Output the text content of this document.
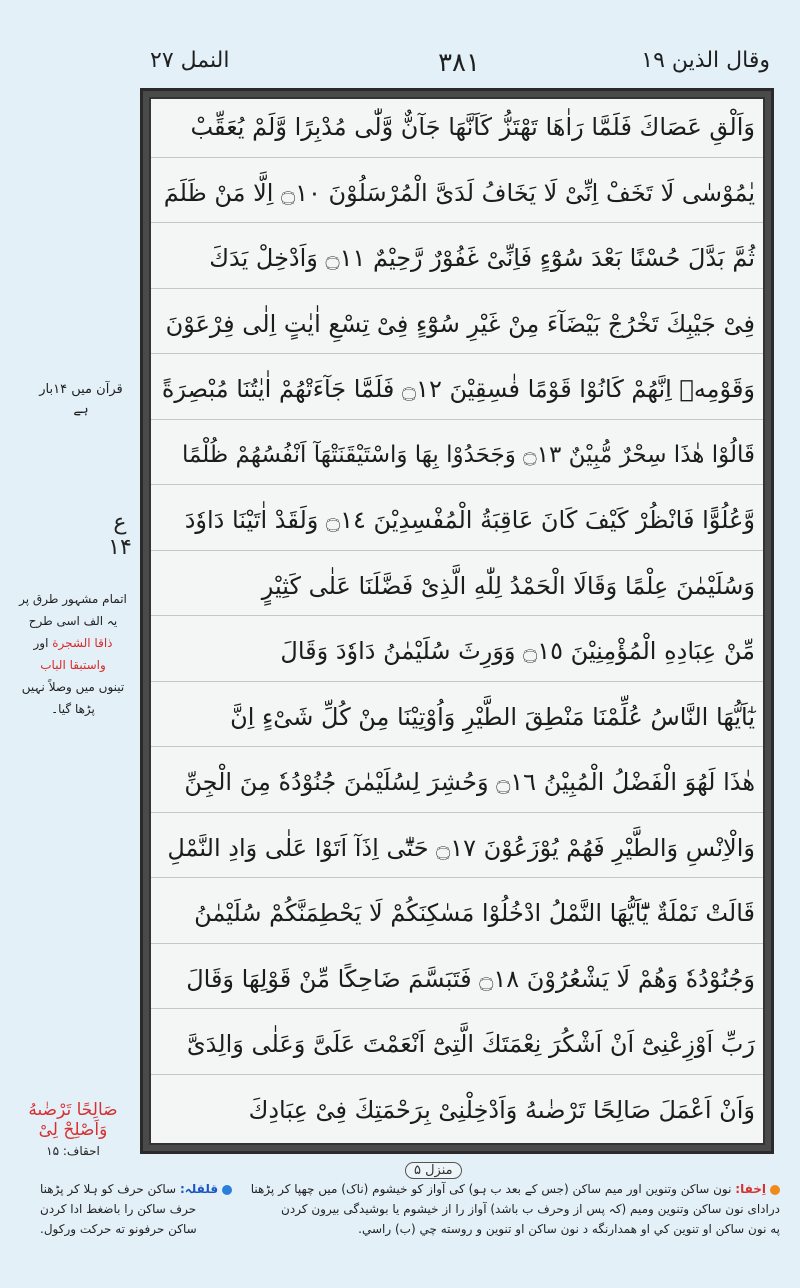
وقال الذين ١٩
۳۸۱
النمل ٢٧
وَاَلْقِ عَصَاكَ فَلَمَّا رَاٰهَا تَهْتَزُّ كَاَنَّهَا جَآنٌّ وَّلّٰى مُدْبِرًا وَّلَمْ يُعَقِّبْ
يٰمُوْسٰى لَا تَخَفْ اِنِّىْ لَا يَخَافُ لَدَىَّ الْمُرْسَلُوْنَ ۝١٠ اِلَّا مَنْ ظَلَمَ
ثُمَّ بَدَّلَ حُسْنًا بَعْدَ سُوْٓءٍ فَاِنِّىْ غَفُوْرٌ رَّحِيْمٌ ۝١١ وَاَدْخِلْ يَدَكَ
فِىْ جَيْبِكَ تَخْرُجْ بَيْضَآءَ مِنْ غَيْرِ سُوْٓءٍ فِىْ تِسْعِ اٰيٰتٍ اِلٰى فِرْعَوْنَ
وَقَوْمِهٖ اِنَّهُمْ كَانُوْا قَوْمًا فٰسِقِيْنَ ۝١٢ فَلَمَّا جَآءَتْهُمْ اٰيٰتُنَا مُبْصِرَةً
قَالُوْا هٰذَا سِحْرٌ مُّبِيْنٌ ۝١٣ وَجَحَدُوْا بِهَا وَاسْتَيْقَنَتْهَآ اَنْفُسُهُمْ ظُلْمًا
وَّعُلُوًّا فَانْظُرْ كَيْفَ كَانَ عَاقِبَةُ الْمُفْسِدِيْنَ ۝١٤ وَلَقَدْ اٰتَيْنَا دَاوٗدَ
وَسُلَيْمٰنَ عِلْمًا وَقَالَا الْحَمْدُ لِلّٰهِ الَّذِىْ فَضَّلَنَا عَلٰى كَثِيْرٍ
مِّنْ عِبَادِهِ الْمُؤْمِنِيْنَ ۝١٥ وَوَرِثَ سُلَيْمٰنُ دَاوٗدَ وَقَالَ
يٰٓاَيُّهَا النَّاسُ عُلِّمْنَا مَنْطِقَ الطَّيْرِ وَاُوْتِيْنَا مِنْ كُلِّ شَىْءٍ اِنَّ
هٰذَا لَهُوَ الْفَضْلُ الْمُبِيْنُ ۝١٦ وَحُشِرَ لِسُلَيْمٰنَ جُنُوْدُهٗ مِنَ الْجِنِّ
وَالْاِنْسِ وَالطَّيْرِ فَهُمْ يُوْزَعُوْنَ ۝١٧ حَتّٰٓى اِذَآ اَتَوْا عَلٰى وَادِ النَّمْلِ
قَالَتْ نَمْلَةٌ يّٰٓاَيُّهَا النَّمْلُ ادْخُلُوْا مَسٰكِنَكُمْ لَا يَحْطِمَنَّكُمْ سُلَيْمٰنُ
وَجُنُوْدُهٗ وَهُمْ لَا يَشْعُرُوْنَ ۝١٨ فَتَبَسَّمَ ضَاحِكًا مِّنْ قَوْلِهَا وَقَالَ
رَبِّ اَوْزِعْنِىْٓ اَنْ اَشْكُرَ نِعْمَتَكَ الَّتِىْٓ اَنْعَمْتَ عَلَىَّ وَعَلٰى وَالِدَىَّ
وَاَنْ اَعْمَلَ صَالِحًا تَرْضٰىهُ وَاَدْخِلْنِىْ بِرَحْمَتِكَ فِىْ عِبَادِكَ
منزل ۵
قرآن میں ۱۴بار
ہے
ع ۱۴
اتمام مشہور طرق پر
یہ الف اسی طرح
ذاقا الشجرة اور
واستبقا الباب
تینوں میں وصلاً نہیں
پڑھا گیا۔
صَالِحًا تَرْضٰىهُ
وَاَصْلِحْ لِىْ
احقاف: ۱۵
اِخفا: نون ساکن وتنوین اور میم ساکن (جس کے بعد ب ہو) کی آواز کو خیشوم (ناک) میں چھپا کر پڑھنا
قلقلہ: ساکن حرف کو ہلا کر پڑھنا
درادای نون ساکن وتنوین ومیم (کہ پس از وحرف ب باشد) آواز را از خیشوم یا بوشیدگی بیرون کردن
حرف ساکن را باضغط ادا کردن
په نون ساکن او تنوین کي او همدارنگه د نون ساکن او تنوین و روسته چي (ب) راسي.
ساکن حرفونو ته حرکت ورکول.
